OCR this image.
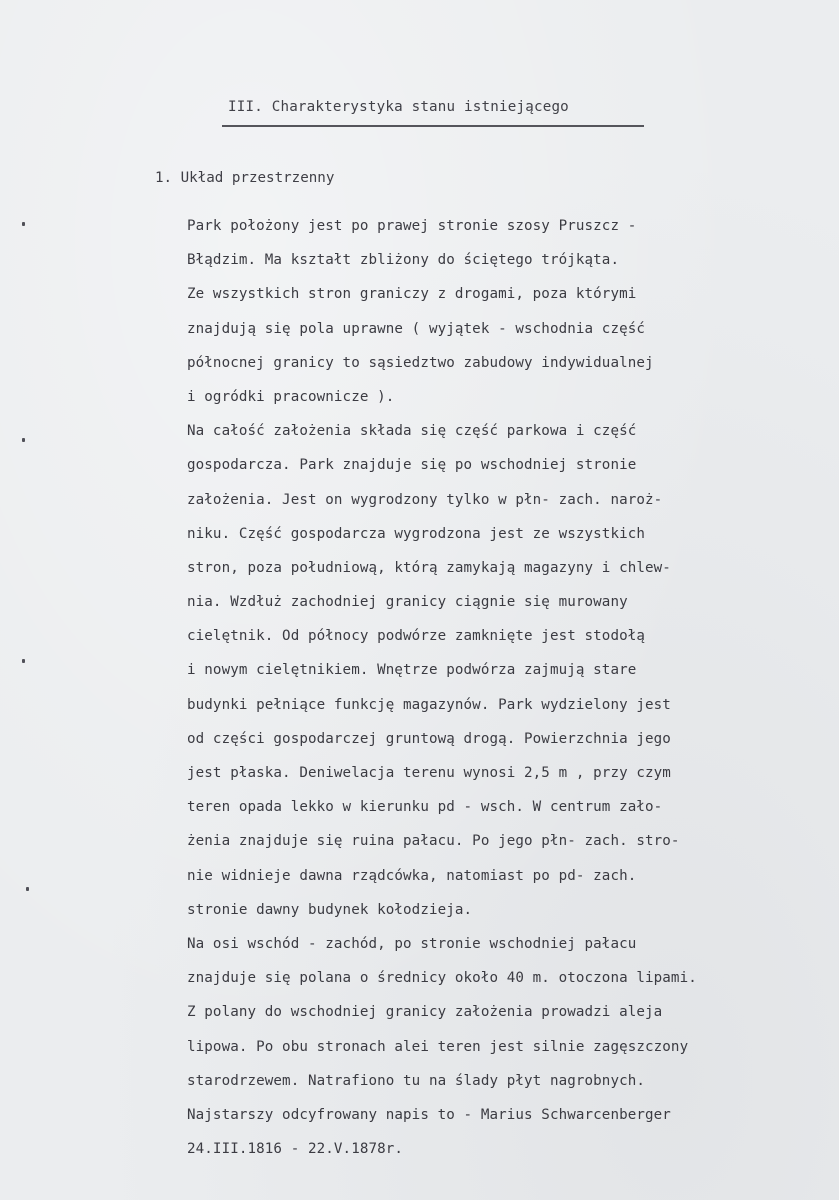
III. Charakterystyka stanu istniejącego
1. Układ przestrzenny
Park położony jest po prawej stronie szosy Pruszcz -
Błądzim. Ma kształt zbliżony do ściętego trójkąta.
Ze wszystkich stron graniczy z drogami, poza którymi
znajdują się pola uprawne ( wyjątek - wschodnia część
północnej granicy to sąsiedztwo zabudowy indywidualnej
i ogródki pracownicze ).
Na całość założenia składa się część parkowa i część
gospodarcza. Park znajduje się po wschodniej stronie
założenia. Jest on wygrodzony tylko w płn- zach. naroż-
niku. Część gospodarcza wygrodzona jest ze wszystkich
stron, poza południową, którą zamykają magazyny i chlew-
nia. Wzdłuż zachodniej granicy ciągnie się murowany
cielętnik. Od północy podwórze zamknięte jest stodołą
i nowym cielętnikiem. Wnętrze podwórza zajmują stare
budynki pełniące funkcję magazynów. Park wydzielony jest
od części gospodarczej gruntową drogą. Powierzchnia jego
jest płaska. Deniwelacja terenu wynosi 2,5 m , przy czym
teren opada lekko w kierunku pd - wsch. W centrum zało-
żenia znajduje się ruina pałacu. Po jego płn- zach. stro-
nie widnieje dawna rządcówka, natomiast po pd- zach.
stronie dawny budynek kołodzieja.
Na osi wschód - zachód, po stronie wschodniej pałacu
znajduje się polana o średnicy około 40 m. otoczona lipami.
Z polany do wschodniej granicy założenia prowadzi aleja
lipowa. Po obu stronach alei teren jest silnie zagęszczony
starodrzewem. Natrafiono tu na ślady płyt nagrobnych.
Najstarszy odcyfrowany napis to - Marius Schwarcenberger
24.III.1816 - 22.V.1878r.
